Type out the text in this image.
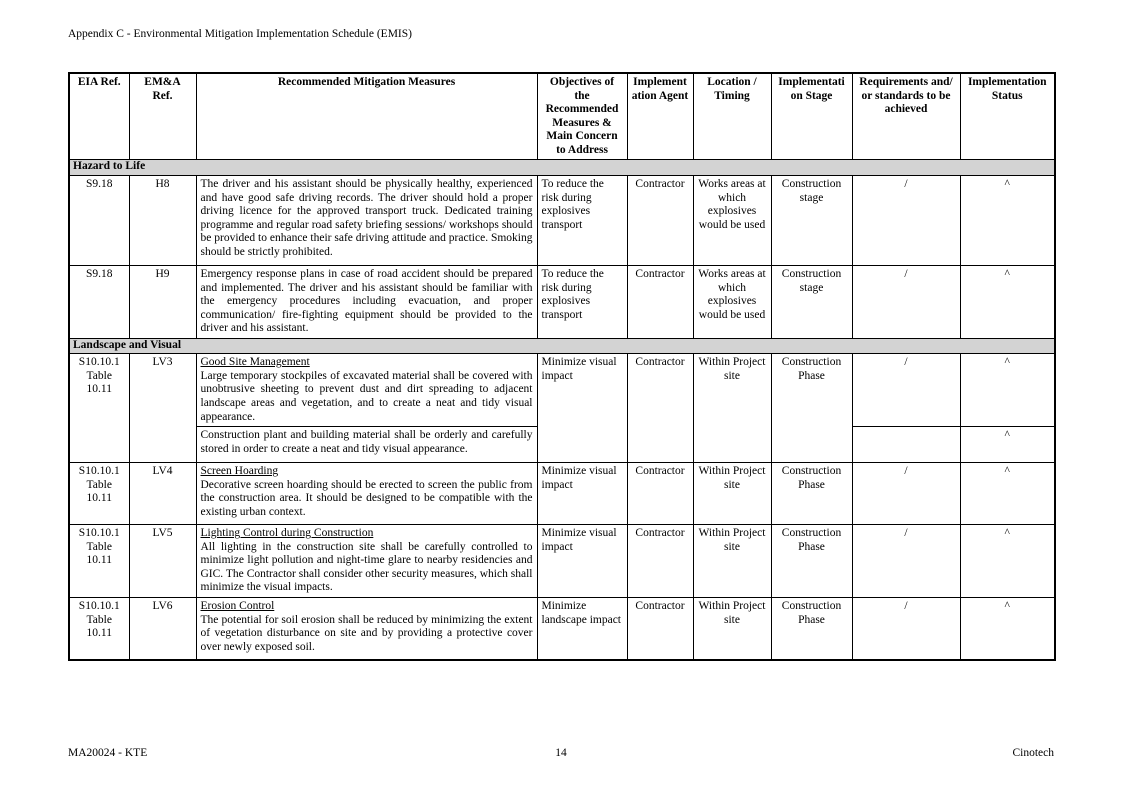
Appendix C - Environmental Mitigation Implementation Schedule (EMIS)
EIA Ref.	EM&A Ref.	Recommended Mitigation Measures	Objectives of the Recommended Measures & Main Concern to Address	Implementation Agent	Location / Timing	Implementation Stage	Requirements and/ or standards to be achieved	Implementation Status
Hazard to Life								
S9.18	H8	The driver and his assistant should be physically healthy, experienced and have good safe driving records. The driver should hold a proper driving licence for the approved transport truck. Dedicated training programme and regular road safety briefing sessions/ workshops should be provided to enhance their safe driving attitude and practice. Smoking should be strictly prohibited.	To reduce the risk during explosives transport	Contractor	Works areas at which explosives would be used	Construction stage	/	^
S9.18	H9	Emergency response plans in case of road accident should be prepared and implemented. The driver and his assistant should be familiar with the emergency procedures including evacuation, and proper communication/ fire-fighting equipment should be provided to the driver and his assistant.	To reduce the risk during explosives transport	Contractor	Works areas at which explosives would be used	Construction stage	/	^
Landscape and Visual								
S10.10.1 Table 10.11	LV3	Good Site Management
Large temporary stockpiles of excavated material shall be covered with unobtrusive sheeting to prevent dust and dirt spreading to adjacent landscape areas and vegetation, and to create a neat and tidy visual appearance.	Minimize visual impact	Contractor	Within Project site	Construction Phase	/	^
		Construction plant and building material shall be orderly and carefully stored in order to create a neat and tidy visual appearance.						^
S10.10.1 Table 10.11	LV4	Screen Hoarding
Decorative screen hoarding should be erected to screen the public from the construction area. It should be designed to be compatible with the existing urban context.	Minimize visual impact	Contractor	Within Project site	Construction Phase	/	^
S10.10.1 Table 10.11	LV5	Lighting Control during Construction
All lighting in the construction site shall be carefully controlled to minimize light pollution and night-time glare to nearby residencies and GIC. The Contractor shall consider other security measures, which shall minimize the visual impacts.	Minimize visual impact	Contractor	Within Project site	Construction Phase	/	^
S10.10.1 Table 10.11	LV6	Erosion Control
The potential for soil erosion shall be reduced by minimizing the extent of vegetation disturbance on site and by providing a protective cover over newly exposed soil.	Minimize landscape impact	Contractor	Within Project site	Construction Phase	/	^
MA20024 - KTE	14	Cinotech
